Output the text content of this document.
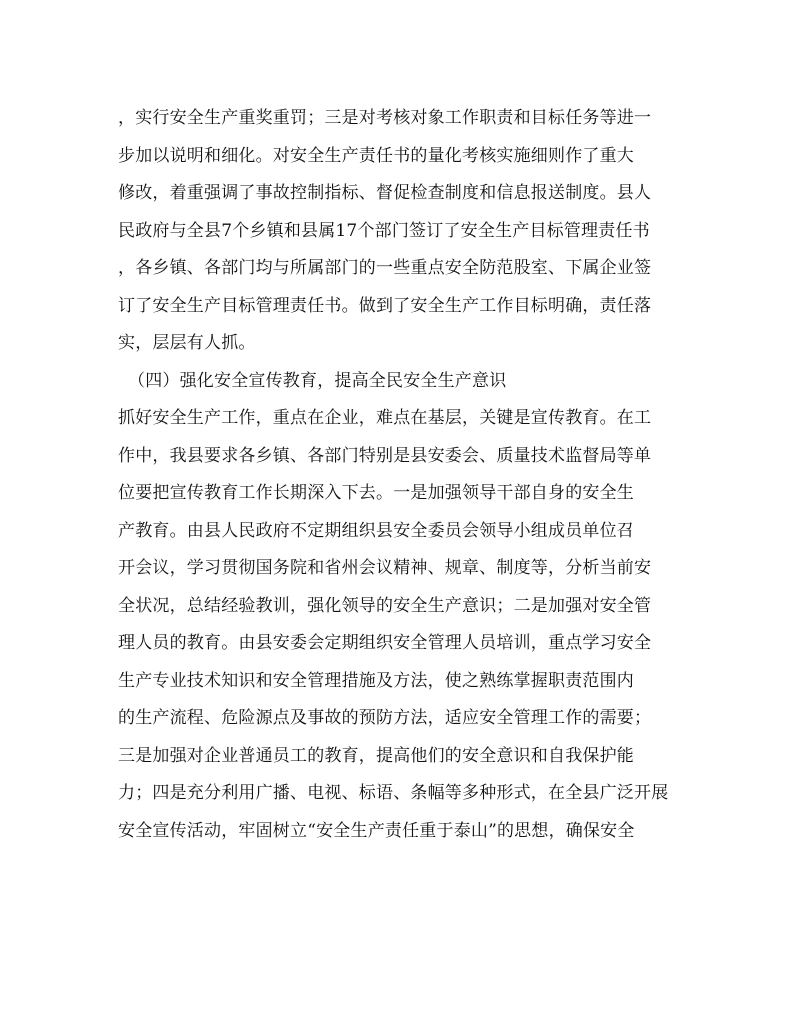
，实行安全生产重奖重罚；三是对考核对象工作职责和目标任务等进一
步加以说明和细化。对安全生产责任书的量化考核实施细则作了重大
修改，着重强调了事故控制指标、督促检查制度和信息报送制度。县人
民政府与全县7个乡镇和县属17个部门签订了安全生产目标管理责任书
，各乡镇、各部门均与所属部门的一些重点安全防范股室、下属企业签
订了安全生产目标管理责任书。做到了安全生产工作目标明确，责任落
实，层层有人抓。
（四）强化安全宣传教育，提高全民安全生产意识
抓好安全生产工作，重点在企业，难点在基层，关键是宣传教育。在工
作中，我县要求各乡镇、各部门特别是县安委会、质量技术监督局等单
位要把宣传教育工作长期深入下去。一是加强领导干部自身的安全生
产教育。由县人民政府不定期组织县安全委员会领导小组成员单位召
开会议，学习贯彻国务院和省州会议精神、规章、制度等，分析当前安
全状况，总结经验教训，强化领导的安全生产意识；二是加强对安全管
理人员的教育。由县安委会定期组织安全管理人员培训，重点学习安全
生产专业技术知识和安全管理措施及方法，使之熟练掌握职责范围内
的生产流程、危险源点及事故的预防方法，适应安全管理工作的需要；
三是加强对企业普通员工的教育，提高他们的安全意识和自我保护能
力；四是充分利用广播、电视、标语、条幅等多种形式，在全县广泛开展
安全宣传活动，牢固树立“安全生产责任重于泰山”的思想，确保安全
